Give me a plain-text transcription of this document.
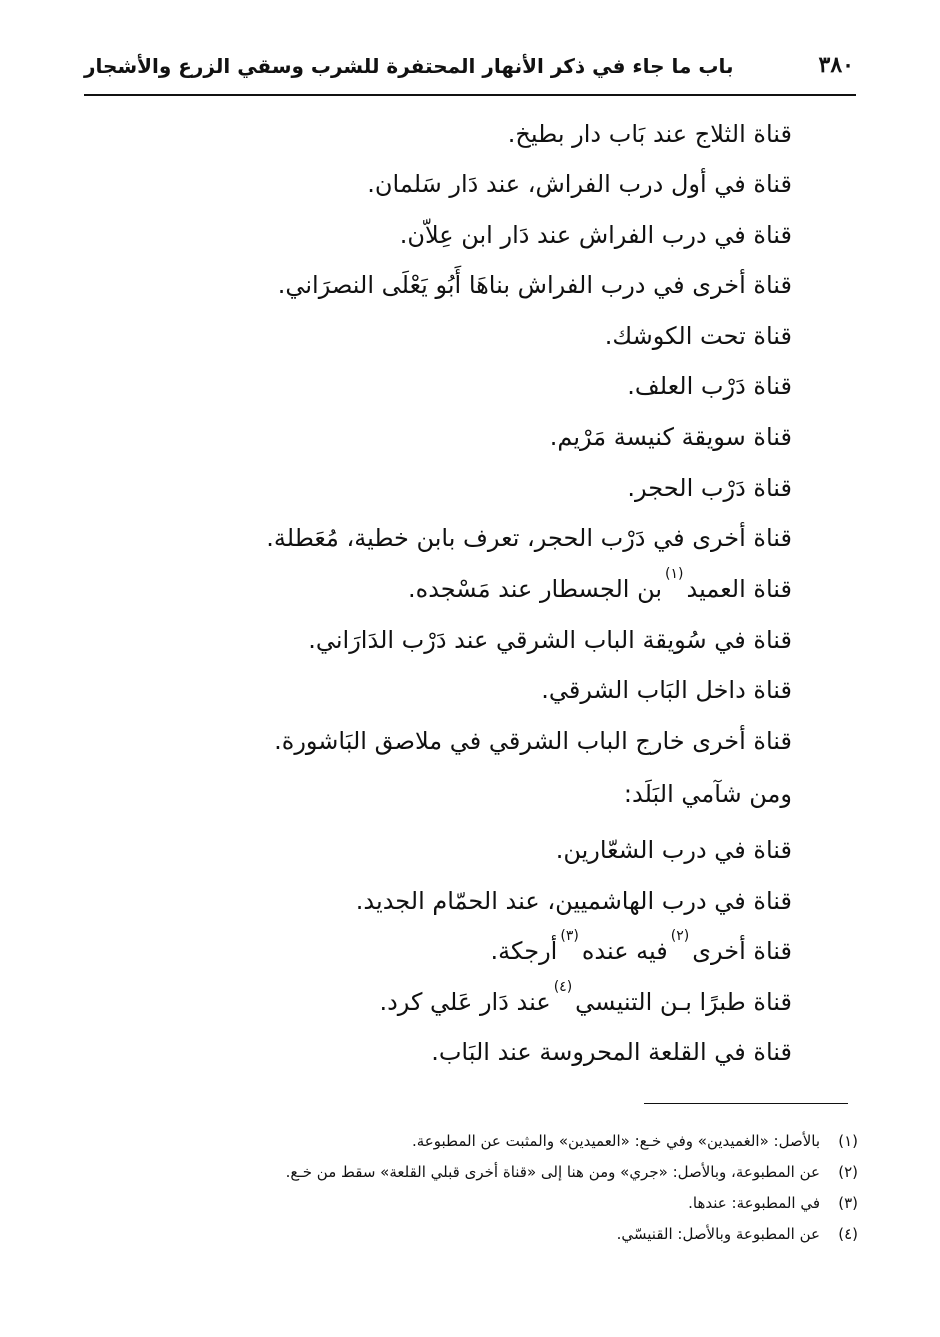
٣٨٠
باب ما جاء في ذكر الأنهار المحتفرة للشرب وسقي الزرع والأشجار
قناة الثلاج عند بَاب دار بطيخ.
قناة في أول درب الفراش، عند دَار سَلمان.
قناة في درب الفراش عند دَار ابن عِلاّن.
قناة أخرى في درب الفراش بناهَا أَبُو يَعْلَى النصرَاني.
قناة تحت الكوشك.
قناة دَرْب العلف.
قناة سويقة كنيسة مَرْيم.
قناة دَرْب الحجر.
قناة أخرى في دَرْب الحجر، تعرف بابن خطية، مُعَطلة.
قناة العميد$^{(١)}$بن الجسطار عند مَسْجده.
قناة في سُويقة الباب الشرقي عند دَرْب الدَارَاني.
قناة داخل البَاب الشرقي.
قناة أخرى خارج الباب الشرقي في ملاصق البَاشورة.
ومن شآمي البَلَد:
قناة في درب الشعّارين.
قناة في درب الهاشميين، عند الحمّام الجديد.
قناة أخرى$^{(٢)}$فيه عنده$^{(٣)}$أرجكة.
قناة طبرًا بـن التنيسي$^{(٤)}$عند دَار عَلي كرد.
قناة في القلعة المحروسة عند البَاب.
(١)بالأصل: «الغميدين» وفي خـع: «العميدين» والمثبت عن المطبوعة.
(٢)عن المطبوعة، وبالأصل: «جري» ومن هنا إلى «قناة أخرى قبلي القلعة» سقط من خـع.
(٣)في المطبوعة: عندها.
(٤)عن المطبوعة وبالأصل: القنيسّي.
